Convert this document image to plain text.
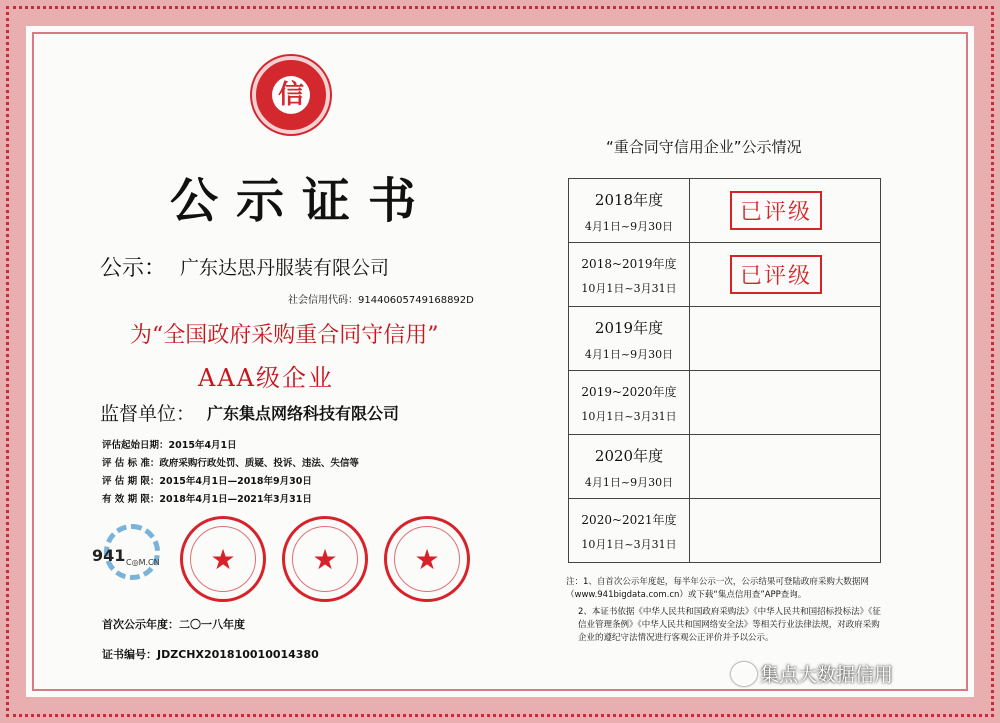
信
公示证书
公示： 广东达思丹服装有限公司
社会信用代码：91440605749168892D
为“全国政府采购重合同守信用”
AAA级企业
监督单位： 广东集点网络科技有限公司
评估起始日期：2015年4月1日
评 估 标 准：政府采购行政处罚、质疑、投诉、违法、失信等
评 估 期 限：2015年4月1日—2018年9月30日
有 效 期 限：2018年4月1日—2021年3月31日
941 C◎M.CN	★	★	★
首次公示年度：二〇一八年度
证书编号：JDZCHX201810010014380
“重合同守信用企业”公示情况
2018年度
4月1日~9月30日	已评级

2018~2019年度
10月1日~3月31日	已评级

2019年度
4月1日~9月30日	

2019~2020年度
10月1日~3月31日	

2020年度
4月1日~9月30日	

2020~2021年度
10月1日~3月31日	

注：1、自首次公示年度起，每半年公示一次，公示结果可登陆政府采购大数据网（www.941bigdata.com.cn）或下载“集点信用查”APP查询。
2、本证书依据《中华人民共和国政府采购法》《中华人民共和国招标投标法》《征信业管理条例》《中华人民共和国网络安全法》等相关行业法律法规，对政府采购企业的遵纪守法情况进行客观公正评价并予以公示。
集点大数据信用
